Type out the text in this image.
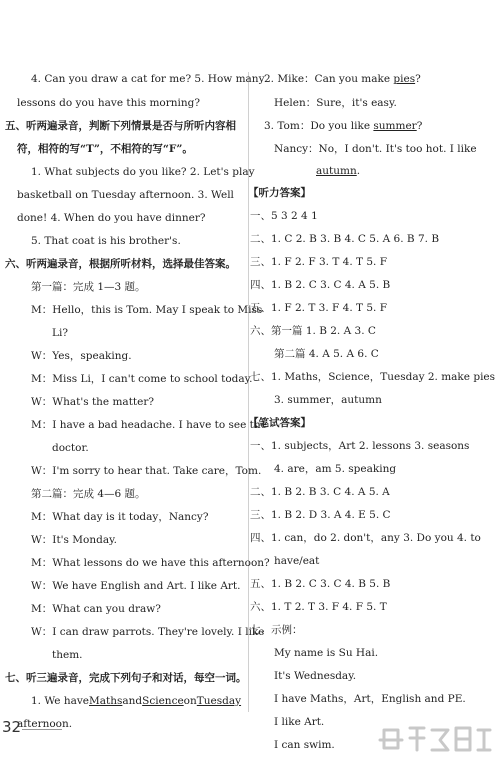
4. Can you draw a cat for me? 5. How many
lessons do you have this morning?
五、听两遍录音，判断下列情景是否与所听内容相
符，相符的写“T”，不相符的写“F”。
1. What subjects do you like? 2. Let's play
basketball on Tuesday afternoon. 3. Well
done! 4. When do you have dinner?
5. That coat is his brother's.
六、听两遍录音，根据所听材料，选择最佳答案。
第一篇：完成 1—3 题。
M：Hello，this is Tom. May I speak to Miss
Li?
W：Yes，speaking.
M：Miss Li，I can't come to school today.
W：What's the matter?
M：I have a bad headache. I have to see the
doctor.
W：I'm sorry to hear that. Take care，Tom.
第二篇：完成 4—6 题。
M：What day is it today，Nancy?
W：It's Monday.
M：What lessons do we have this afternoon?
W：We have English and Art. I like Art.
M：What can you draw?
W：I can draw parrots. They're lovely. I like
them.
七、听三遍录音，完成下列句子和对话，每空一词。
1. We have Maths and Science on Tuesday
afternoon.
2. Mike：Can you make pies?
Helen：Sure，it's easy.
3. Tom：Do you like summer?
Nancy：No，I don't. It's too hot. I like
autumn.
【听力答案】
一、5 3 2 4 1
二、1. C 2. B 3. B 4. C 5. A 6. B 7. B
三、1. F 2. F 3. T 4. T 5. F
四、1. B 2. C 3. C 4. A 5. B
五、1. F 2. T 3. F 4. T 5. F
六、第一篇 1. B 2. A 3. C
第二篇 4. A 5. A 6. C
七、1. Maths，Science，Tuesday 2. make pies
3. summer，autumn
【笔试答案】
一、1. subjects，Art 2. lessons 3. seasons
4. are，am 5. speaking
二、1. B 2. B 3. C 4. A 5. A
三、1. B 2. D 3. A 4. E 5. C
四、1. can，do 2. don't，any 3. Do you 4. to
have/eat
五、1. B 2. C 3. C 4. B 5. B
六、1. T 2. T 3. F 4. F 5. T
七、示例：
My name is Su Hai.
It's Wednesday.
I have Maths，Art，English and PE.
I like Art.
I can swim.
32
